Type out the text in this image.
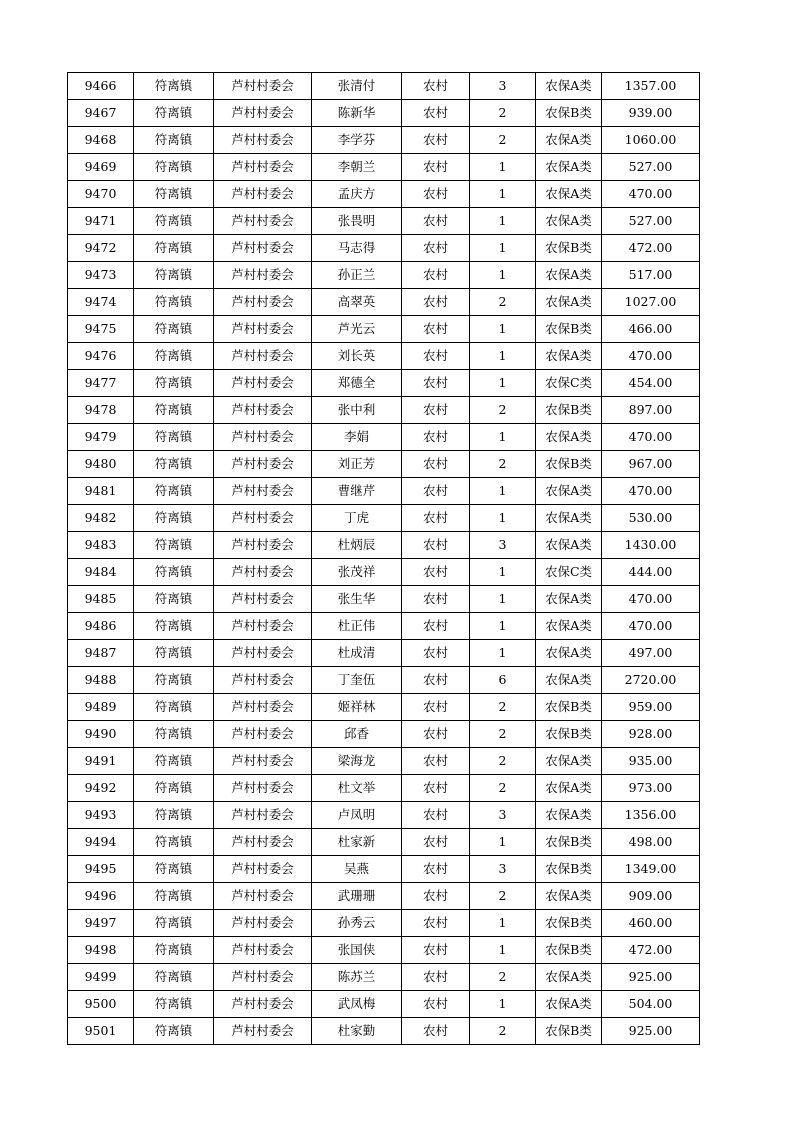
9466	符离镇	芦村村委会	张清付	农村	3	农保A类	1357.00
9467	符离镇	芦村村委会	陈新华	农村	2	农保B类	939.00
9468	符离镇	芦村村委会	李学芬	农村	2	农保A类	1060.00
9469	符离镇	芦村村委会	李朝兰	农村	1	农保A类	527.00
9470	符离镇	芦村村委会	孟庆方	农村	1	农保A类	470.00
9471	符离镇	芦村村委会	张畏明	农村	1	农保A类	527.00
9472	符离镇	芦村村委会	马志得	农村	1	农保B类	472.00
9473	符离镇	芦村村委会	孙正兰	农村	1	农保A类	517.00
9474	符离镇	芦村村委会	高翠英	农村	2	农保A类	1027.00
9475	符离镇	芦村村委会	芦光云	农村	1	农保B类	466.00
9476	符离镇	芦村村委会	刘长英	农村	1	农保A类	470.00
9477	符离镇	芦村村委会	郑德全	农村	1	农保C类	454.00
9478	符离镇	芦村村委会	张中利	农村	2	农保B类	897.00
9479	符离镇	芦村村委会	李娟	农村	1	农保A类	470.00
9480	符离镇	芦村村委会	刘正芳	农村	2	农保B类	967.00
9481	符离镇	芦村村委会	曹继芹	农村	1	农保A类	470.00
9482	符离镇	芦村村委会	丁虎	农村	1	农保A类	530.00
9483	符离镇	芦村村委会	杜炳辰	农村	3	农保A类	1430.00
9484	符离镇	芦村村委会	张茂祥	农村	1	农保C类	444.00
9485	符离镇	芦村村委会	张生华	农村	1	农保A类	470.00
9486	符离镇	芦村村委会	杜正伟	农村	1	农保A类	470.00
9487	符离镇	芦村村委会	杜成清	农村	1	农保A类	497.00
9488	符离镇	芦村村委会	丁奎伍	农村	6	农保A类	2720.00
9489	符离镇	芦村村委会	姬祥林	农村	2	农保B类	959.00
9490	符离镇	芦村村委会	邱香	农村	2	农保B类	928.00
9491	符离镇	芦村村委会	梁海龙	农村	2	农保A类	935.00
9492	符离镇	芦村村委会	杜文举	农村	2	农保A类	973.00
9493	符离镇	芦村村委会	卢凤明	农村	3	农保A类	1356.00
9494	符离镇	芦村村委会	杜家新	农村	1	农保B类	498.00
9495	符离镇	芦村村委会	吴燕	农村	3	农保B类	1349.00
9496	符离镇	芦村村委会	武珊珊	农村	2	农保A类	909.00
9497	符离镇	芦村村委会	孙秀云	农村	1	农保B类	460.00
9498	符离镇	芦村村委会	张国侠	农村	1	农保B类	472.00
9499	符离镇	芦村村委会	陈苏兰	农村	2	农保A类	925.00
9500	符离镇	芦村村委会	武凤梅	农村	1	农保A类	504.00
9501	符离镇	芦村村委会	杜家勤	农村	2	农保B类	925.00
